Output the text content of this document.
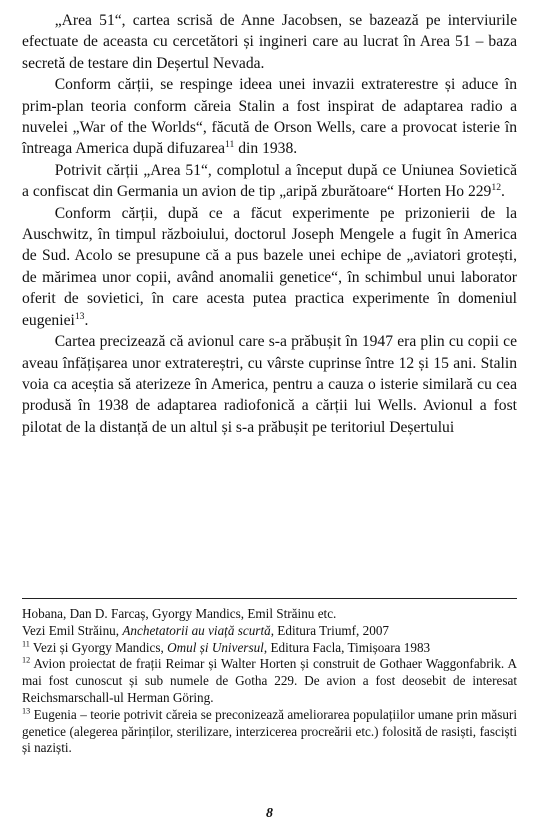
„Area 51“, cartea scrisă de Anne Jacobsen, se bazează pe interviurile efectuate de aceasta cu cercetători și ingineri care au lucrat în Area 51 – baza secretă de testare din Deșertul Nevada.

Conform cărții, se respinge ideea unei invazii extraterestre și aduce în prim-plan teoria conform căreia Stalin a fost inspirat de adaptarea radio a nuvelei „War of the Worlds“, făcută de Orson Wells, care a provocat isterie în întreaga America după difuzarea$^{11}$ din 1938.

Potrivit cărții „Area 51“, complotul a început după ce Uniunea Sovietică a confiscat din Germania un avion de tip „aripă zburătoare“ Horten Ho $229^{12}$.

Conform cărții, după ce a făcut experimente pe prizonierii de la Auschwitz, în timpul războiului, doctorul Joseph Mengele a fugit în America de Sud. Acolo se presupune că a pus bazele unei echipe de „aviatori grotești, de mărimea unor copii, având anomalii genetice“, în schimbul unui laborator oferit de sovietici, în care acesta putea practica experimente în domeniul eugeniei$^{13}$.

Cartea precizează că avionul care s-a prăbușit în 1947 era plin cu copii ce aveau înfățișarea unor extratereștri, cu vârste cuprinse între 12 și 15 ani. Stalin voia ca aceștia să aterizeze în America, pentru a cauza o isterie similară cu cea produsă în 1938 de adaptarea radiofonică a cărții lui Wells. Avionul a fost pilotat de la distanță de un altul și s-a prăbușit pe teritoriul Deșertului

Hobana, Dan D. Farcaș, Gyorgy Mandics, Emil Străinu etc.

Vezi Emil Străinu, Anchetatorii au viață scurtă, Editura Triumf, 2007

$^{11}$ Vezi și Gyorgy Mandics, Omul și Universul, Editura Facla, Timișoara 1983

$^{12}$ Avion proiectat de frații Reimar și Walter Horten și construit de Gothaer Waggonfabrik. A mai fost cunoscut și sub numele de Gotha 229. De avion a fost deosebit de interesat Reichsmarschall-ul Herman Göring.

$^{13}$ Eugenia – teorie potrivit căreia se preconizează ameliorarea populațiilor umane prin măsuri genetice (alegerea părinților, sterilizare, interzicerea procreării etc.) folosită de rasiști, fasciști și naziști.

8
